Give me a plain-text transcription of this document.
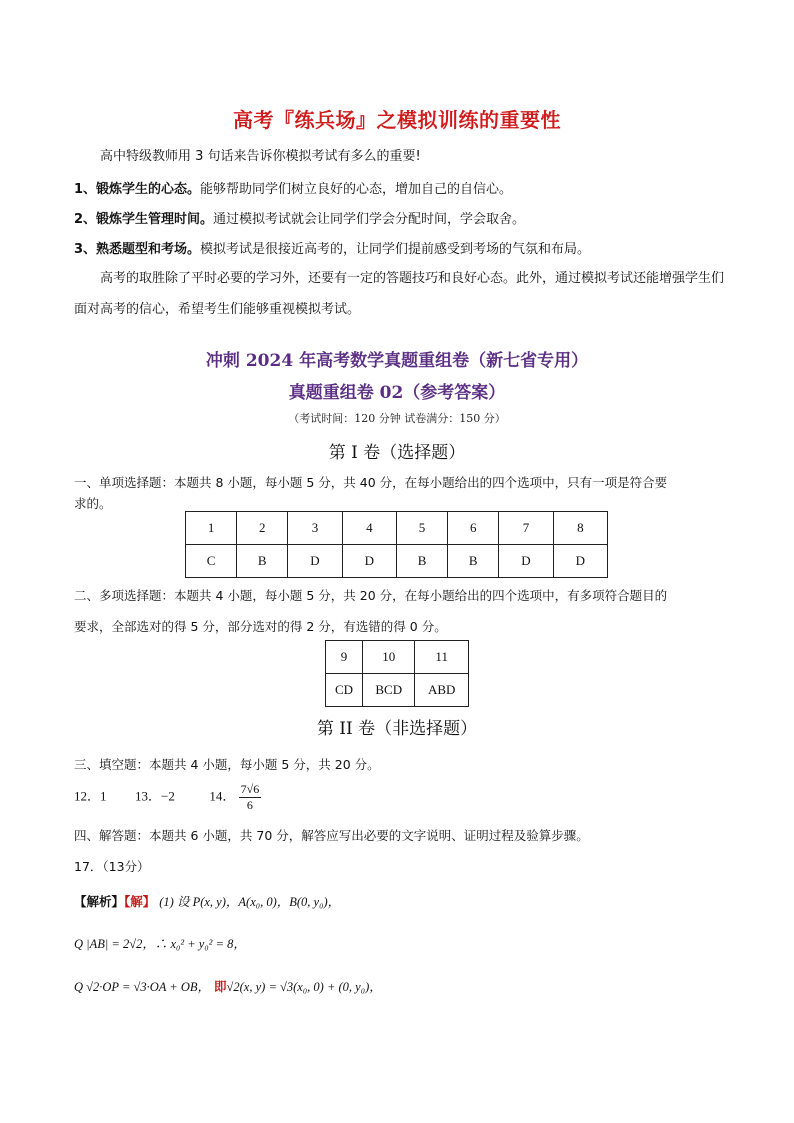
高考『练兵场』之模拟训练的重要性
高中特级教师用 3 句话来告诉你模拟考试有多么的重要!
1、锻炼学生的心态。能够帮助同学们树立良好的心态，增加自己的自信心。
2、锻炼学生管理时间。通过模拟考试就会让同学们学会分配时间，学会取舍。
3、熟悉题型和考场。模拟考试是很接近高考的，让同学们提前感受到考场的气氛和布局。
高考的取胜除了平时必要的学习外，还要有一定的答题技巧和良好心态。此外，通过模拟考试还能增强学生们面对高考的信心，希望考生们能够重视模拟考试。
冲刺 2024 年高考数学真题重组卷（新七省专用）
真题重组卷 02（参考答案）
（考试时间：120 分钟 试卷满分：150 分）
第 I 卷（选择题）
一、单项选择题：本题共 8 小题，每小题 5 分，共 40 分，在每小题给出的四个选项中，只有一项是符合要
求的。
1	2	3	4	5	6	7	8
C	B	D	D	B	B	D	D
二、多项选择题：本题共 4 小题，每小题 5 分，共 20 分，在每小题给出的四个选项中，有多项符合题目的
要求，全部选对的得 5 分，部分选对的得 2 分，有选错的得 0 分。
9	10	11
CD	BCD	ABD
第 II 卷（非选择题）
三、填空题：本题共 4 小题，每小题 5 分，共 20 分。
12．1 13．−2	14． $\frac{7√6}{6}$
四、解答题：本题共 6 小题，共 70 分，解答应写出必要的文字说明、证明过程及验算步骤。
17．（13分）
【解析】【解】 (1) 设 P(x, y)，A(x₀, 0)，B(0, y₀)，
Q |AB| = 2√2，∴ x₀² + y₀² = 8，
Q √2·OP = √3·OA + OB， 即√2(x, y) = √3(x₀, 0) + (0, y₀)，
